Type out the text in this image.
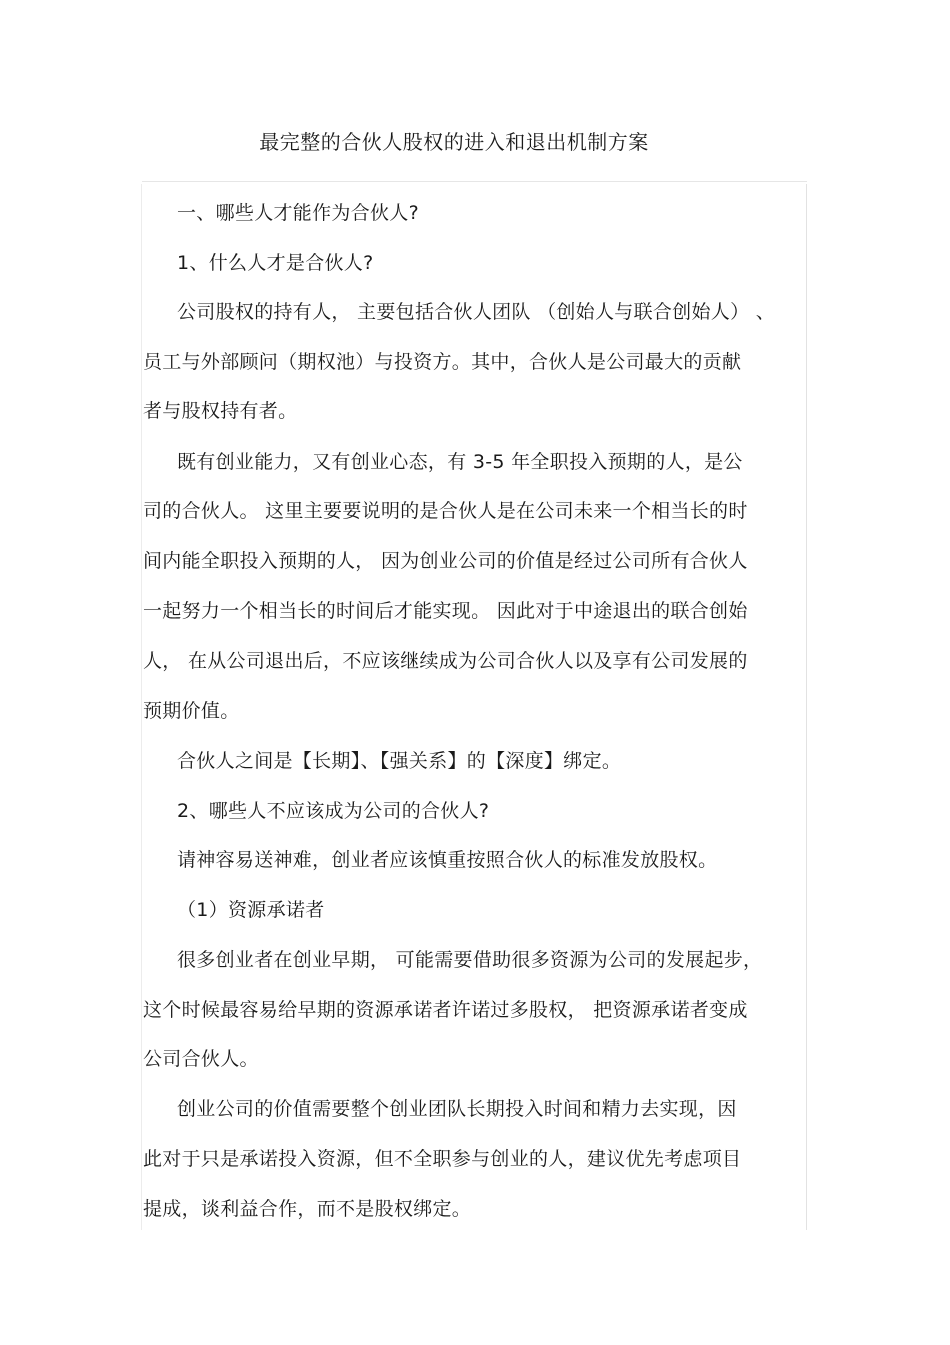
最完整的合伙人股权的进入和退出机制方案
一、哪些人才能作为合伙人?
1、什么人才是合伙人?
公司股权的持有人， 主要包括合伙人团队 （创始人与联合创始人） 、
员工与外部顾问（期权池）与投资方。其中，合伙人是公司最大的贡献
者与股权持有者。
既有创业能力，又有创业心态，有 3-5 年全职投入预期的人，是公
司的合伙人。 这里主要要说明的是合伙人是在公司未来一个相当长的时
间内能全职投入预期的人， 因为创业公司的价值是经过公司所有合伙人
一起努力一个相当长的时间后才能实现。 因此对于中途退出的联合创始
人， 在从公司退出后，不应该继续成为公司合伙人以及享有公司发展的
预期价值。
合伙人之间是【长期】、【强关系】的【深度】绑定。
2、哪些人不应该成为公司的合伙人?
请神容易送神难，创业者应该慎重按照合伙人的标准发放股权。
（1）资源承诺者
很多创业者在创业早期， 可能需要借助很多资源为公司的发展起步，
这个时候最容易给早期的资源承诺者许诺过多股权， 把资源承诺者变成
公司合伙人。
创业公司的价值需要整个创业团队长期投入时间和精力去实现，因
此对于只是承诺投入资源，但不全职参与创业的人，建议优先考虑项目
提成，谈利益合作，而不是股权绑定。
